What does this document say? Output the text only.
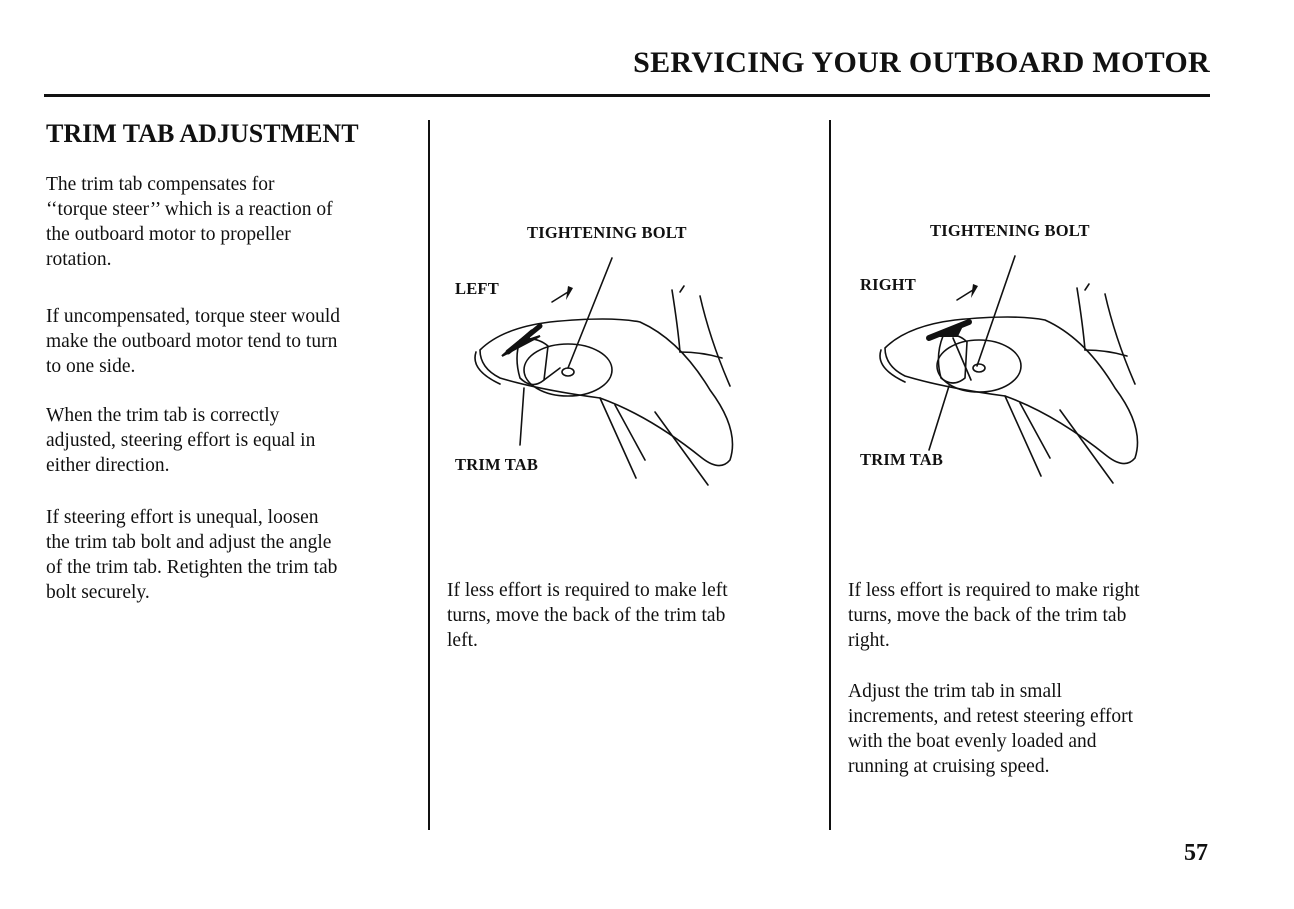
SERVICING YOUR OUTBOARD MOTOR
TRIM TAB ADJUSTMENT
The trim tab compensates for
‘‘torque steer’’ which is a reaction of
the outboard motor to propeller
rotation.
If uncompensated, torque steer would
make the outboard motor tend to turn
to one side.
When the trim tab is correctly
adjusted, steering effort is equal in
either direction.
If steering effort is unequal, loosen
the trim tab bolt and adjust the angle
of the trim tab. Retighten the trim tab
bolt securely.
TIGHTENING BOLT
LEFT
TRIM TAB
If less effort is required to make left
turns, move the back of the trim tab
left.
TIGHTENING BOLT
RIGHT
TRIM TAB
If less effort is required to make right
turns, move the back of the trim tab
right.
Adjust the trim tab in small
increments, and retest steering effort
with the boat evenly loaded and
running at cruising speed.
57
